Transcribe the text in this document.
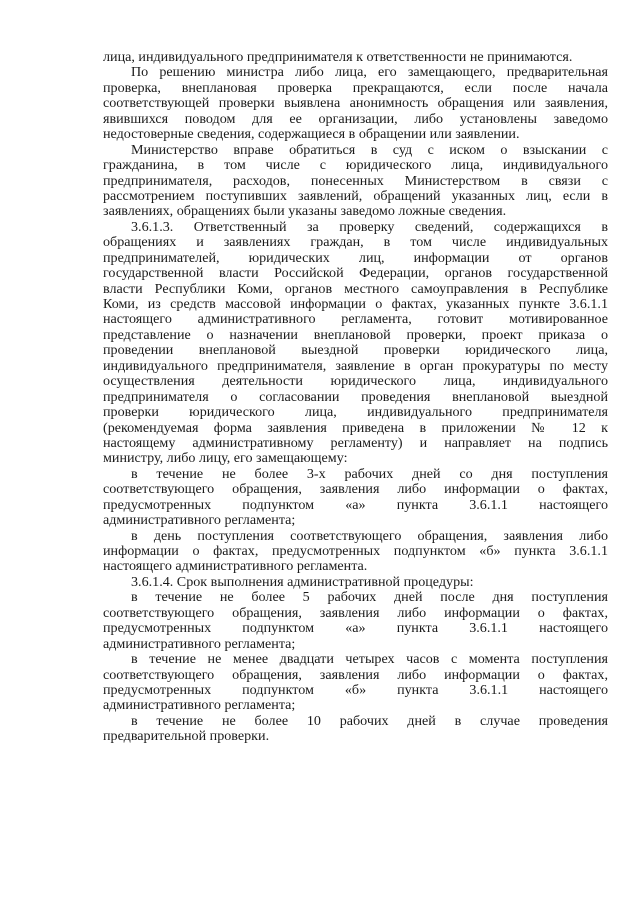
лица, индивидуального предпринимателя к ответственности не принимаются.
По решению министра либо лица, его замещающего, предварительная
проверка, внеплановая проверка прекращаются, если после начала
соответствующей проверки выявлена анонимность обращения или заявления,
явившихся поводом для ее организации, либо установлены заведомо
недостоверные сведения, содержащиеся в обращении или заявлении.
Министерство вправе обратиться в суд с иском о взыскании с
гражданина, в том числе с юридического лица, индивидуального
предпринимателя, расходов, понесенных Министерством в связи с
рассмотрением поступивших заявлений, обращений указанных лиц, если в
заявлениях, обращениях были указаны заведомо ложные сведения.
3.6.1.3. Ответственный за проверку сведений, содержащихся в
обращениях и заявлениях граждан, в том числе индивидуальных
предпринимателей, юридических лиц, информации от органов
государственной власти Российской Федерации, органов государственной
власти Республики Коми, органов местного самоуправления в Республике
Коми, из средств массовой информации о фактах, указанных пункте 3.6.1.1
настоящего административного регламента, готовит мотивированное
представление о назначении внеплановой проверки, проект приказа о
проведении внеплановой выездной проверки юридического лица,
индивидуального предпринимателя, заявление в орган прокуратуры по месту
осуществления деятельности юридического лица, индивидуального
предпринимателя о согласовании проведения внеплановой выездной
проверки юридического лица, индивидуального предпринимателя
(рекомендуемая форма заявления приведена в приложении № 12 к
настоящему административному регламенту) и направляет на подпись
министру, либо лицу, его замещающему:
в течение не более 3-х рабочих дней со дня поступления
соответствующего обращения, заявления либо информации о фактах,
предусмотренных подпунктом «а» пункта 3.6.1.1 настоящего
административного регламента;
в день поступления соответствующего обращения, заявления либо
информации о фактах, предусмотренных подпунктом «б» пункта 3.6.1.1
настоящего административного регламента.
3.6.1.4. Срок выполнения административной процедуры:
в течение не более 5 рабочих дней после дня поступления
соответствующего обращения, заявления либо информации о фактах,
предусмотренных подпунктом «а» пункта 3.6.1.1 настоящего
административного регламента;
в течение не менее двадцати четырех часов с момента поступления
соответствующего обращения, заявления либо информации о фактах,
предусмотренных подпунктом «б» пункта 3.6.1.1 настоящего
административного регламента;
в течение не более 10 рабочих дней в случае проведения
предварительной проверки.
